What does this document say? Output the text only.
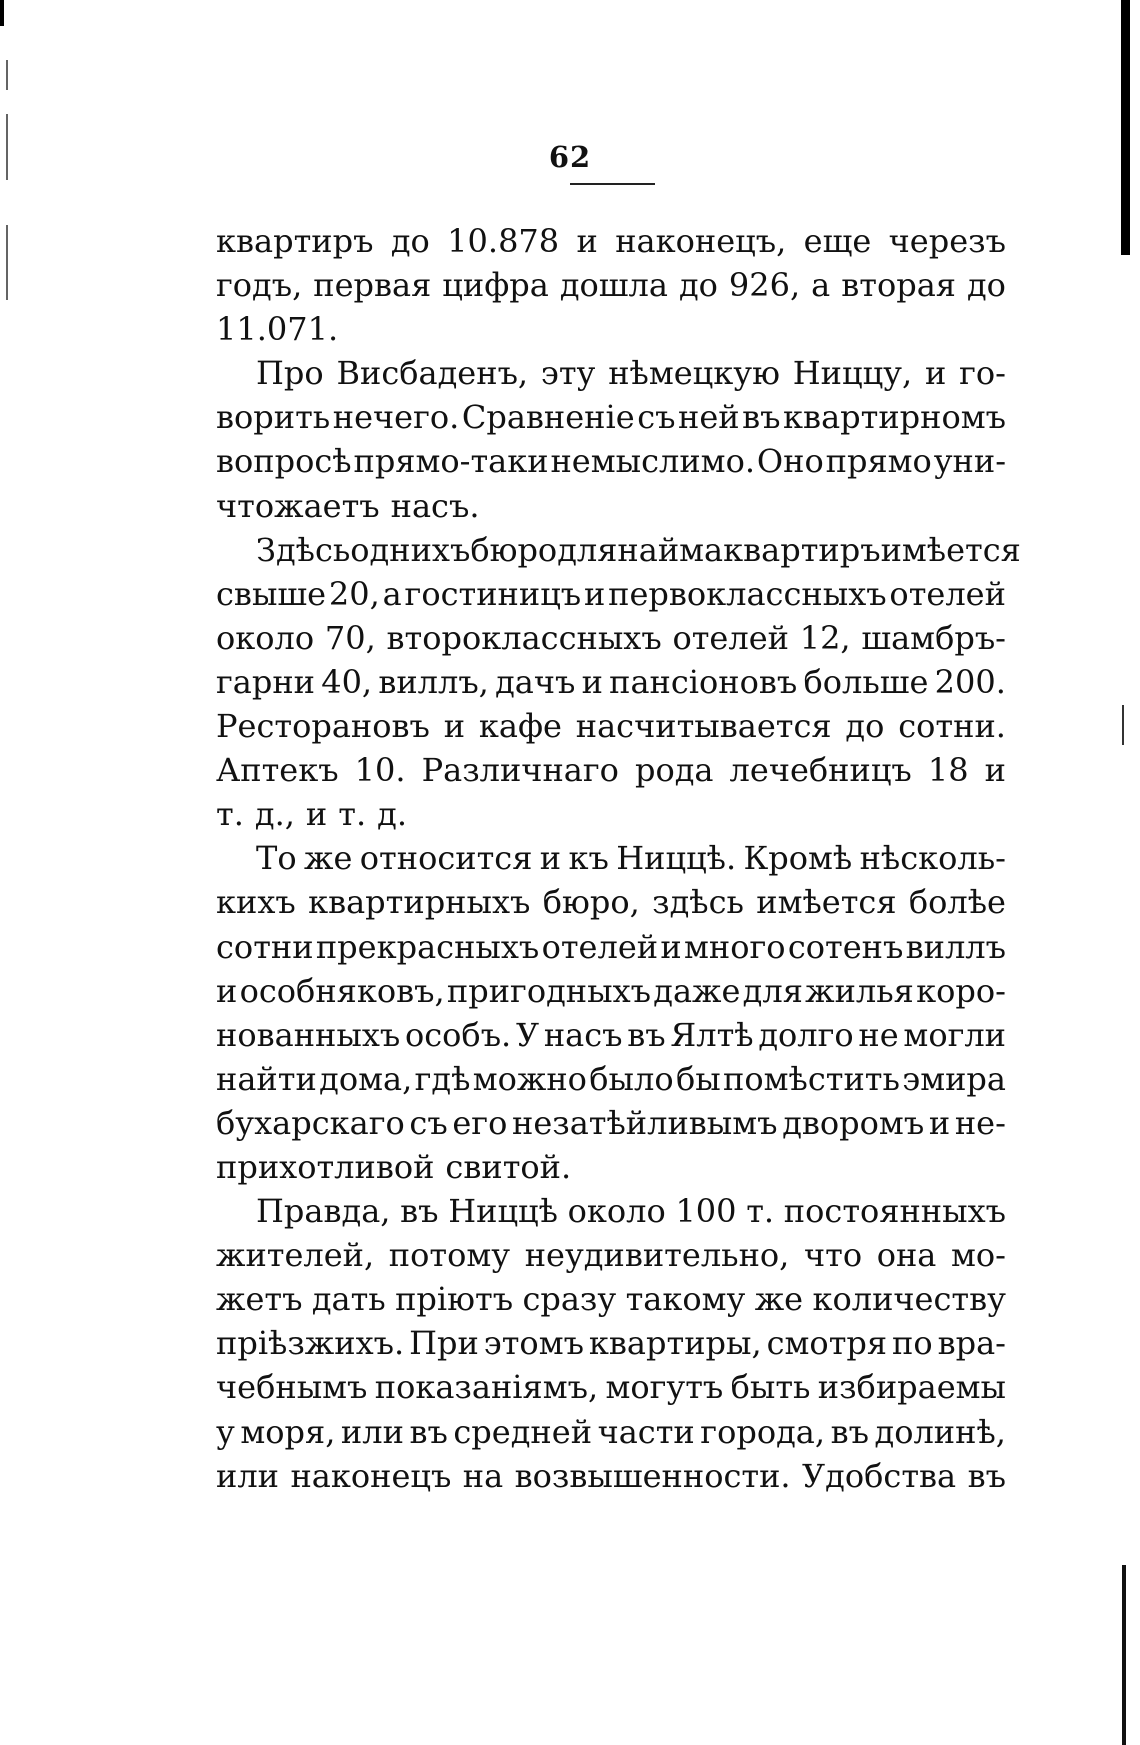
62
квартиръ до 10.878 и наконецъ, еще черезъ
годъ, первая цифра дошла до 926, а вторая до
11.071.
Про Висбаденъ, эту нѣмецкую Ниццу, и го-
ворить нечего. Сравненіе съ ней въ квартирномъ
вопросѣ прямо-таки немыслимо. Оно прямо уни-
чтожаетъ насъ.
Здѣсь однихъ бюро для найма квартиръ имѣется
свыше 20, а гостиницъ и первоклассныхъ отелей
около 70, второклассныхъ отелей 12, шамбръ-
гарни 40, виллъ, дачъ и пансіоновъ больше 200.
Ресторановъ и кафе насчитывается до сотни.
Аптекъ 10. Различнаго рода лечебницъ 18 и
т. д., и т. д.
То же относится и къ Ниццѣ. Кромѣ нѣсколь-
кихъ квартирныхъ бюро, здѣсь имѣется болѣе
сотни прекрасныхъ отелей и много сотенъ виллъ
и особняковъ, пригодныхъ даже для жилья коро-
нованныхъ особъ. У насъ въ Ялтѣ долго не могли
найти дома, гдѣ можно было бы помѣстить эмира
бухарскаго съ его незатѣйливымъ дворомъ и не-
прихотливой свитой.
Правда, въ Ниццѣ около 100 т. постоянныхъ
жителей, потому неудивительно, что она мо-
жетъ дать пріютъ сразу такому же количеству
пріѣзжихъ. При этомъ квартиры, смотря по вра-
чебнымъ показаніямъ, могутъ быть избираемы
у моря, или въ средней части города, въ долинѣ,
или наконецъ на возвышенности. Удобства въ
